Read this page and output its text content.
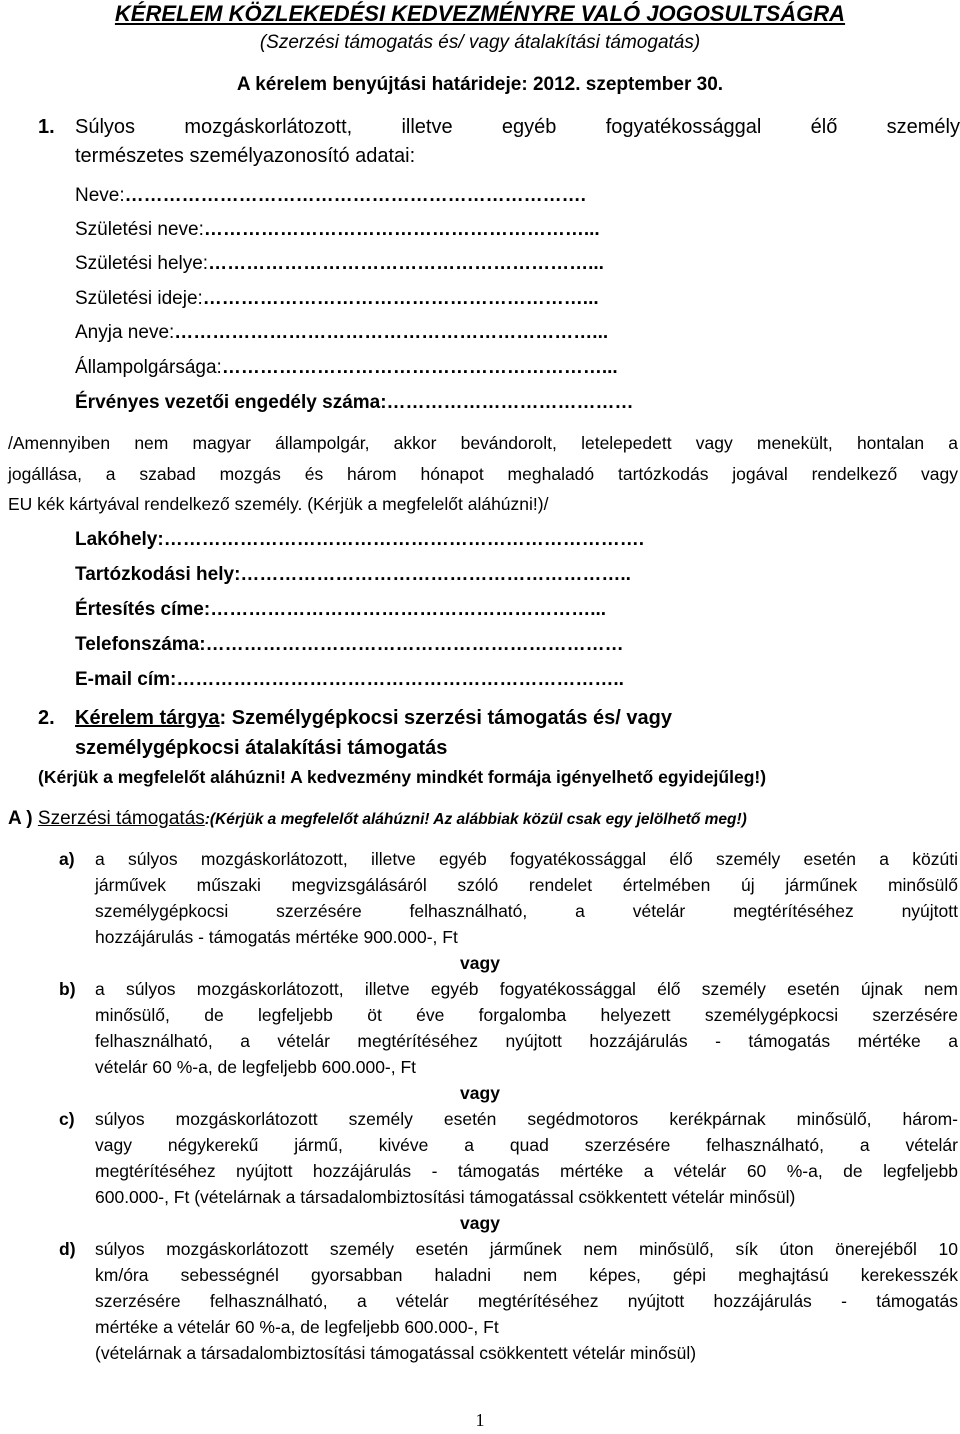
KÉRELEM KÖZLEKEDÉSI KEDVEZMÉNYRE VALÓ JOGOSULTSÁGRA
(Szerzési támogatás és/ vagy átalakítási támogatás)
A kérelem benyújtási határideje: 2012. szeptember 30.
1. Súlyos mozgáskorlátozott, illetve egyéb fogyatékossággal élő személy
természetes személyazonosító adatai:
Neve:……………………………………………………………….
Születési neve:……………………………………………………...
Születési helye:……………………………………………………...
Születési ideje:……………………………………………………...
Anyja neve:…………………………………………………………...
Állampolgársága:……………………………………………………...
Érvényes vezetői engedély száma:…………………………………
/Amennyiben nem magyar állampolgár, akkor bevándorolt, letelepedett vagy menekült, hontalan a
jogállása, a szabad mozgás és három hónapot meghaladó tartózkodás jogával rendelkező vagy
EU kék kártyával rendelkező személy. (Kérjük a megfelelőt aláhúzni!)/
Lakóhely:………………………………………………………………….
Tartózkodási hely:……………………………………………………..
Értesítés címe:……………………………………………………...
Telefonszáma:…………………………………………………………
E-mail cím:……………………………………………………………..
2. Kérelem tárgya: Személygépkocsi szerzési támogatás és/ vagy
személygépkocsi átalakítási támogatás
(Kérjük a megfelelőt aláhúzni! A kedvezmény mindkét formája igényelhető egyidejűleg!)
A ) Szerzési támogatás:(Kérjük a megfelelőt aláhúzni! Az alábbiak közül csak egy jelölhető meg!)
a) a súlyos mozgáskorlátozott, illetve egyéb fogyatékossággal élő személy esetén a közúti
járművek műszaki megvizsgálásáról szóló rendelet értelmében új járműnek minősülő
személygépkocsi szerzésére felhasználható, a vételár megtérítéséhez nyújtott
hozzájárulás - támogatás mértéke 900.000-, Ft
vagy
b) a súlyos mozgáskorlátozott, illetve egyéb fogyatékossággal élő személy esetén újnak nem
minősülő, de legfeljebb öt éve forgalomba helyezett személygépkocsi szerzésére
felhasználható, a vételár megtérítéséhez nyújtott hozzájárulás - támogatás mértéke a
vételár 60 %-a, de legfeljebb 600.000-, Ft
vagy
c) súlyos mozgáskorlátozott személy esetén segédmotoros kerékpárnak minősülő, három-
vagy négykerekű jármű, kivéve a quad szerzésére felhasználható, a vételár
megtérítéséhez nyújtott hozzájárulás - támogatás mértéke a vételár 60 %-a, de legfeljebb
600.000-, Ft (vételárnak a társadalombiztosítási támogatással csökkentett vételár minősül)
vagy
d) súlyos mozgáskorlátozott személy esetén járműnek nem minősülő, sík úton önerejéből 10
km/óra sebességnél gyorsabban haladni nem képes, gépi meghajtású kerekesszék
szerzésére felhasználható, a vételár megtérítéséhez nyújtott hozzájárulás - támogatás
mértéke a vételár 60 %-a, de legfeljebb 600.000-, Ft
(vételárnak a társadalombiztosítási támogatással csökkentett vételár minősül)
1
